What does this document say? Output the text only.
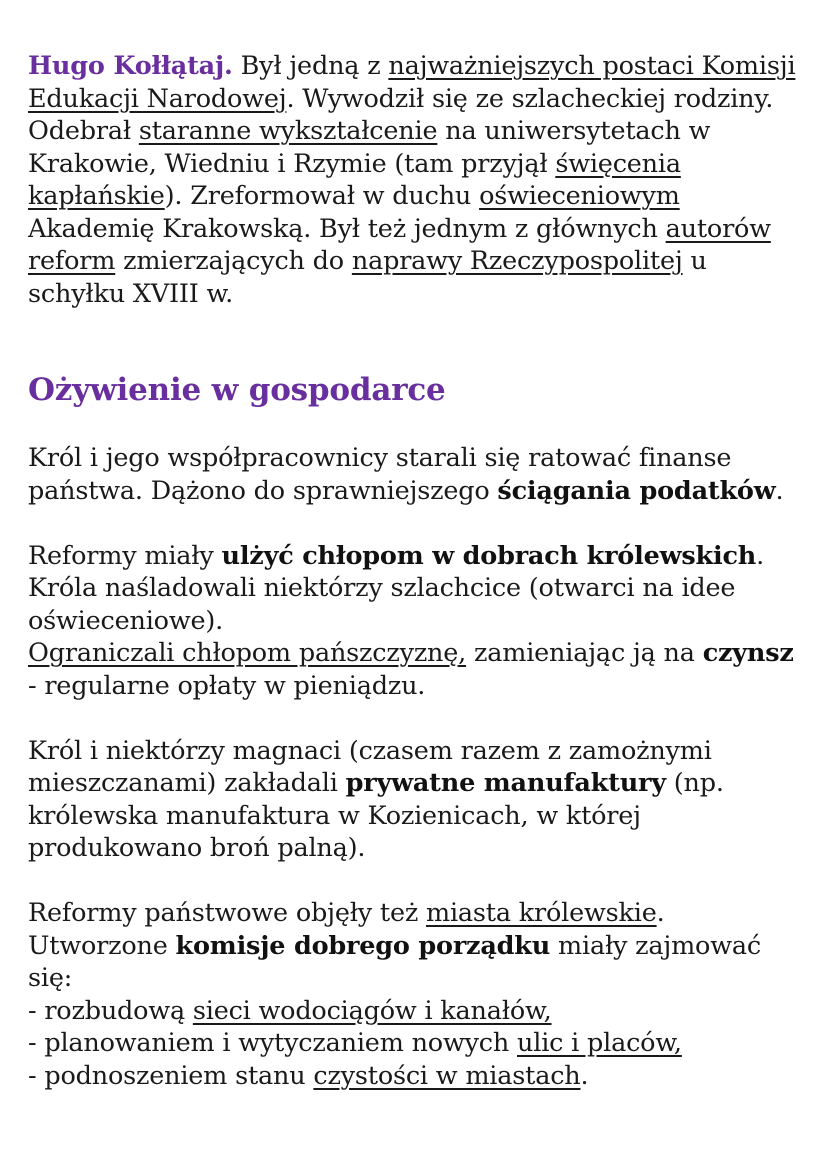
Hugo Kołłątaj. Był jedną z najważniejszych postaci Komisji Edukacji Narodowej. Wywodził się ze szlacheckiej rodziny. Odebrał staranne wykształcenie na uniwersytetach w Krakowie, Wiedniu i Rzymie (tam przyjął święcenia kapłańskie). Zreformował w duchu oświeceniowym Akademię Krakowską. Był też jednym z głównych autorów reform zmierzających do naprawy Rzeczypospolitej u schyłku XVIII w.

Ożywienie w gospodarce

Król i jego współpracownicy starali się ratować finanse państwa. Dążono do sprawniejszego ściągania podatków.

Reformy miały ulżyć chłopom w dobrach królewskich. Króla naśladowali niektórzy szlachcice (otwarci na idee oświeceniowe).
Ograniczali chłopom pańszczyznę, zamieniając ją na czynsz - regularne opłaty w pieniądzu.

Król i niektórzy magnaci (czasem razem z zamożnymi mieszczanami) zakładali prywatne manufaktury (np. królewska manufaktura w Kozienicach, w której produkowano broń palną).

Reformy państwowe objęły też miasta królewskie.
Utworzone komisje dobrego porządku miały zajmować się:
- rozbudową sieci wodociągów i kanałów,
- planowaniem i wytyczaniem nowych ulic i placów,
- podnoszeniem stanu czystości w miastach.
